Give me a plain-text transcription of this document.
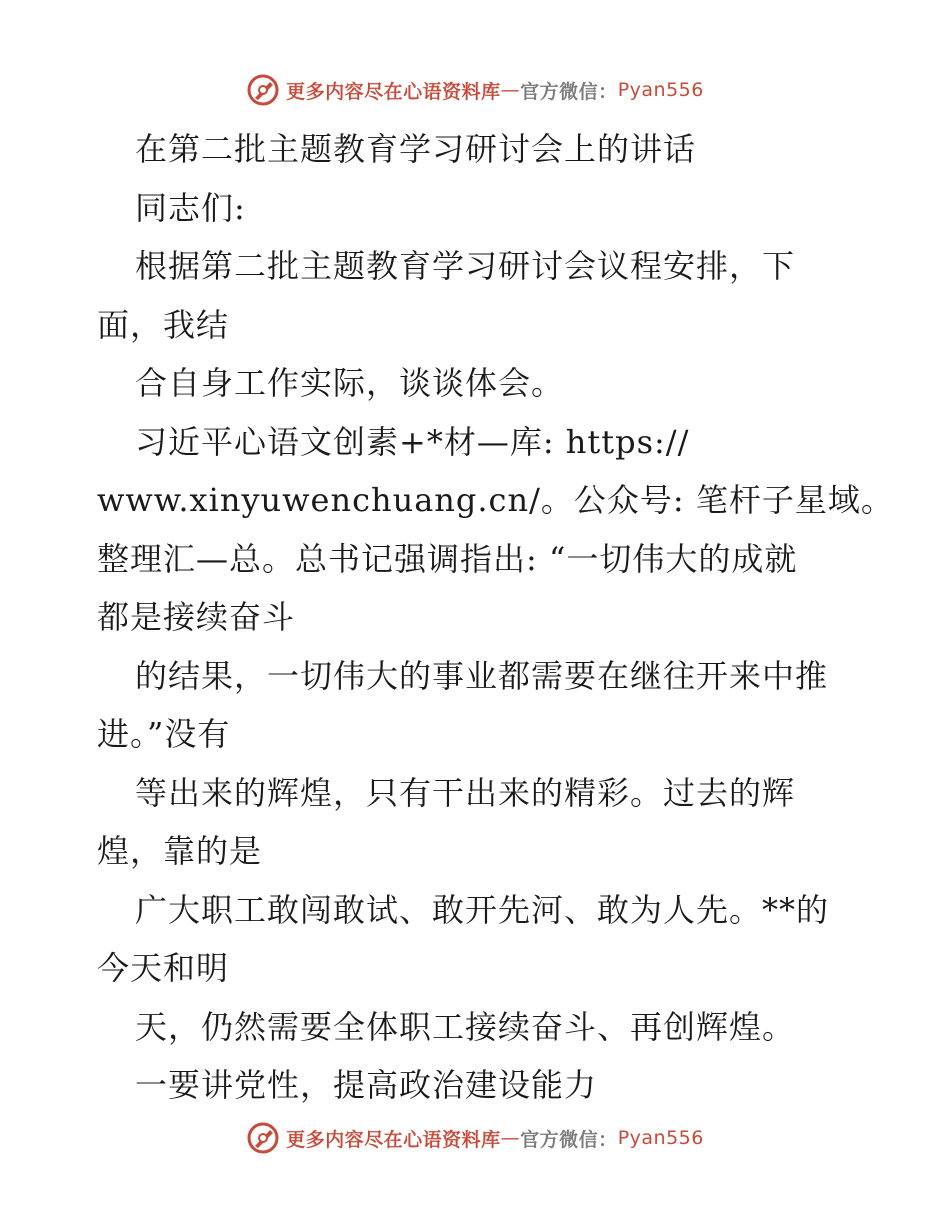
更多内容尽在心语资料库 — 官方微信： Pyan556
在第二批主题教育学习研讨会上的讲话
同志们:
根据第二批主题教育学习研讨会议程安排，下
面，我结
合自身工作实际，谈谈体会。
习近平心语文创素+*材—库: https://
www.xinyuwenchuang.cn/。公众号: 笔杆子星域。
整理汇—总。总书记强调指出: “一切伟大的成就
都是接续奋斗
的结果，一切伟大的事业都需要在继往开来中推
进。”没有
等出来的辉煌，只有干出来的精彩。过去的辉
煌，靠的是
广大职工敢闯敢试、敢开先河、敢为人先。**的
今天和明
天，仍然需要全体职工接续奋斗、再创辉煌。
一要讲党性，提高政治建设能力
更多内容尽在心语资料库 — 官方微信： Pyan556
